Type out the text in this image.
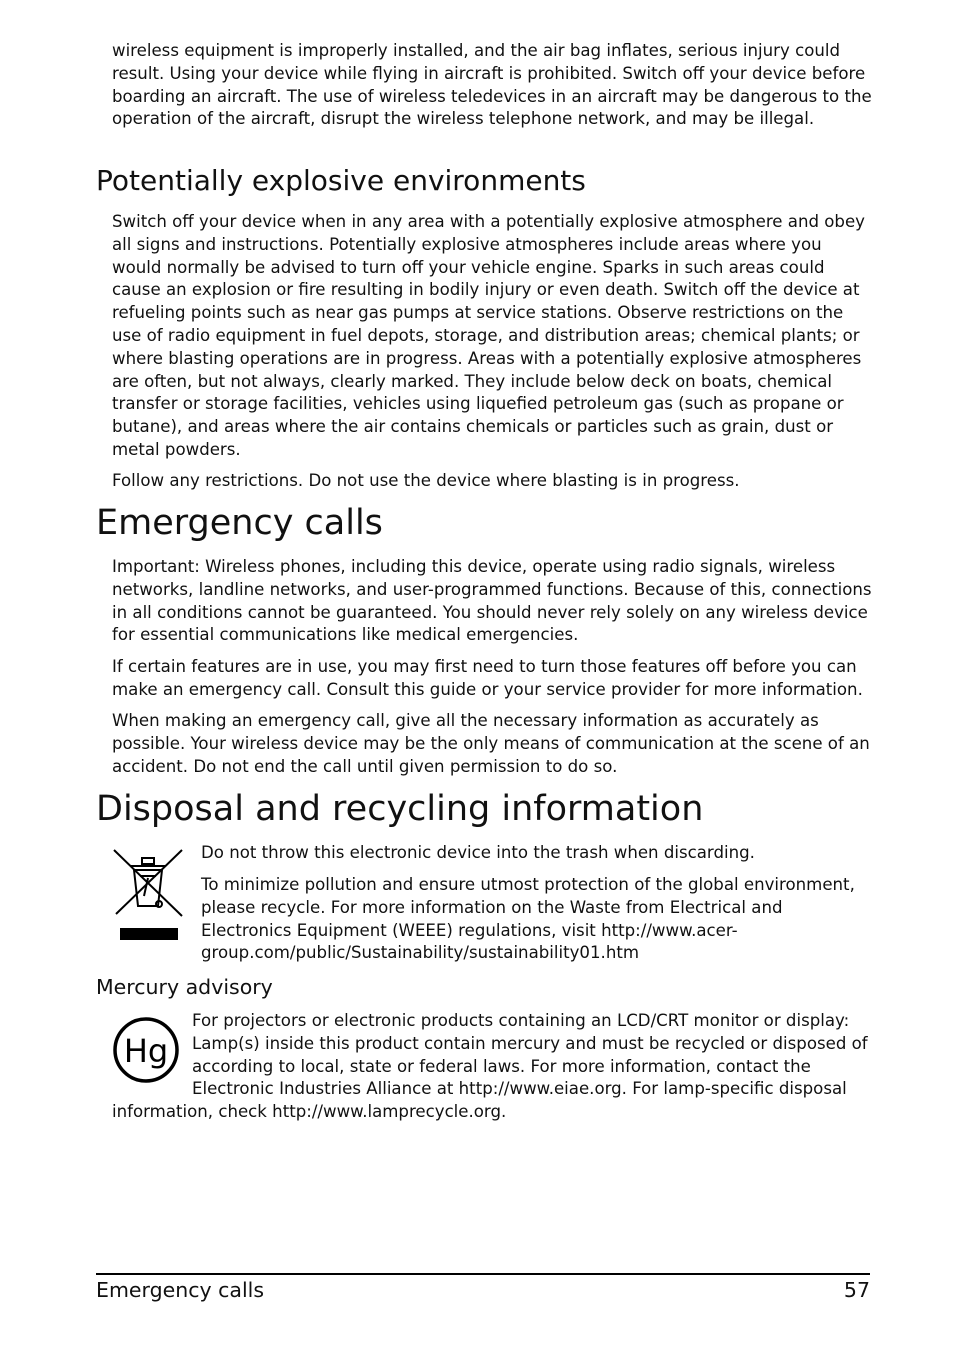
wireless equipment is improperly installed, and the air bag inflates, serious injury could result. Using your device while flying in aircraft is prohibited. Switch off your device before boarding an aircraft. The use of wireless teledevices in an aircraft may be dangerous to the operation of the aircraft, disrupt the wireless telephone network, and may be illegal.

Potentially explosive environments

Switch off your device when in any area with a potentially explosive atmosphere and obey all signs and instructions. Potentially explosive atmospheres include areas where you would normally be advised to turn off your vehicle engine. Sparks in such areas could cause an explosion or fire resulting in bodily injury or even death. Switch off the device at refueling points such as near gas pumps at service stations. Observe restrictions on the use of radio equipment in fuel depots, storage, and distribution areas; chemical plants; or where blasting operations are in progress. Areas with a potentially explosive atmospheres are often, but not always, clearly marked. They include below deck on boats, chemical transfer or storage facilities, vehicles using liquefied petroleum gas (such as propane or butane), and areas where the air contains chemicals or particles such as grain, dust or metal powders.

Follow any restrictions. Do not use the device where blasting is in progress.

Emergency calls

Important: Wireless phones, including this device, operate using radio signals, wireless networks, landline networks, and user-programmed functions. Because of this, connections in all conditions cannot be guaranteed. You should never rely solely on any wireless device for essential communications like medical emergencies.

If certain features are in use, you may first need to turn those features off before you can make an emergency call. Consult this guide or your service provider for more information.

When making an emergency call, give all the necessary information as accurately as possible. Your wireless device may be the only means of communication at the scene of an accident. Do not end the call until given permission to do so.

Disposal and recycling information

Do not throw this electronic device into the trash when discarding.

To minimize pollution and ensure utmost protection of the global environment, please recycle. For more information on the Waste from Electrical and Electronics Equipment (WEEE) regulations, visit http://www.acer-group.com/public/Sustainability/sustainability01.htm

Mercury advisory
Hg
For projectors or electronic products containing an LCD/CRT monitor or display: Lamp(s) inside this product contain mercury and must be recycled or disposed of according to local, state or federal laws. For more information, contact the Electronic Industries Alliance at http://www.eiae.org. For lamp-specific disposal information, check http://www.lamprecycle.org.
Emergency calls	57
